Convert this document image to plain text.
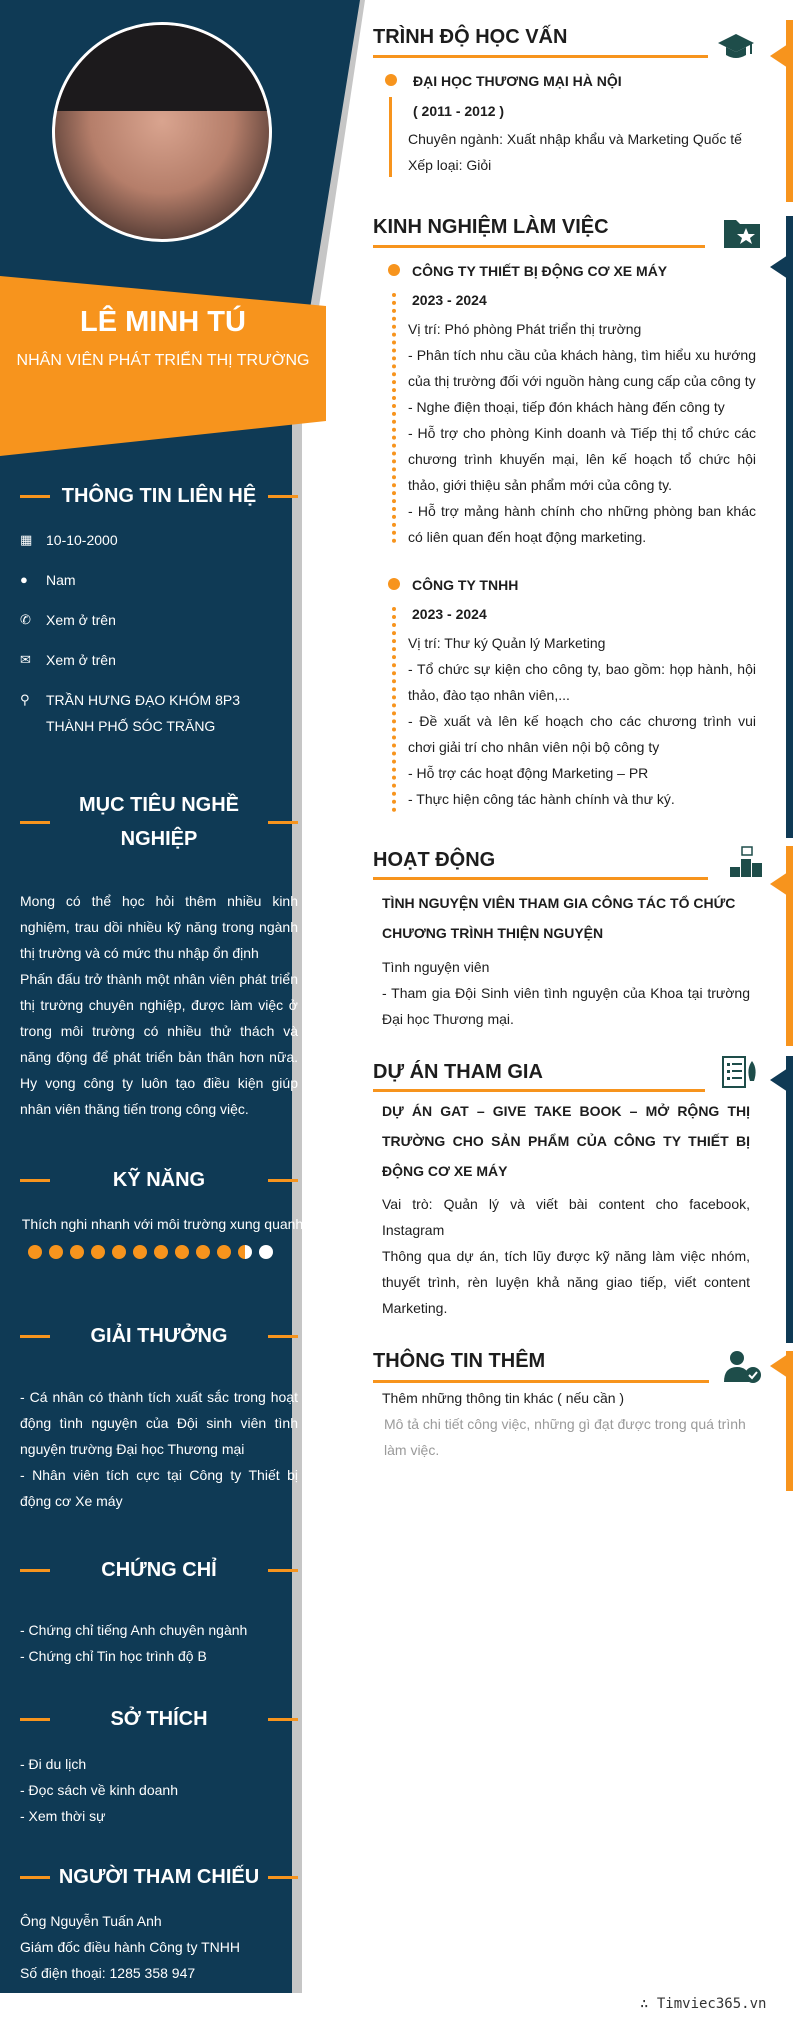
LÊ MINH TÚ
NHÂN VIÊN PHÁT TRIỂN THỊ TRƯỜNG
THÔNG TIN LIÊN HỆ
▦ 10-10-2000
●	Nam
✆	Xem ở trên
✉	Xem ở trên
⚲	TRẦN HƯNG ĐẠO KHÓM 8P3 THÀNH PHỐ SÓC TRĂNG
MỤC TIÊU NGHỀ NGHIỆP
Mong có thể học hỏi thêm nhiều kinh nghiệm, trau dồi nhiều kỹ năng trong ngành thị trường và có mức thu nhập ổn định
Phấn đấu trở thành một nhân viên phát triển thị trường chuyên nghiệp, được làm việc ở trong môi trường có nhiều thử thách và năng động để phát triển bản thân hơn nữa. Hy vọng công ty luôn tạo điều kiện giúp nhân viên thăng tiến trong công việc.
KỸ NĂNG
Thích nghi nhanh với môi trường xung quanh
GIẢI THƯỞNG
- Cá nhân có thành tích xuất sắc trong hoạt động tình nguyện của Đội sinh viên tình nguyện trường Đại học Thương mại
- Nhân viên tích cực tại Công ty Thiết bị động cơ Xe máy
CHỨNG CHỈ
- Chứng chỉ tiếng Anh chuyên ngành
- Chứng chỉ Tin học trình độ B
SỞ THÍCH
- Đi du lịch
- Đọc sách về kinh doanh
- Xem thời sự
NGƯỜI THAM CHIẾU
Ông Nguyễn Tuấn Anh
Giám đốc điều hành Công ty TNHH
Số điện thoại: 1285 358 947
TRÌNH ĐỘ HỌC VẤN
ĐẠI HỌC THƯƠNG MẠI HÀ NỘI
( 2011 - 2012 )
Chuyên ngành: Xuất nhập khẩu và Marketing Quốc tế
Xếp loại: Giỏi
KINH NGHIỆM LÀM VIỆC
CÔNG TY THIẾT BỊ ĐỘNG CƠ XE MÁY
2023 - 2024
Vị trí: Phó phòng Phát triển thị trường
- Phân tích nhu cầu của khách hàng, tìm hiểu xu hướng của thị trường đối với nguồn hàng cung cấp của công ty
- Nghe điện thoại, tiếp đón khách hàng đến công ty
- Hỗ trợ cho phòng Kinh doanh và Tiếp thị tổ chức các chương trình khuyến mại, lên kế hoạch tổ chức hội thảo, giới thiệu sản phẩm mới của công ty.
- Hỗ trợ mảng hành chính cho những phòng ban khác có liên quan đến hoạt động marketing.
CÔNG TY TNHH
2023 - 2024
Vị trí: Thư ký Quản lý Marketing
- Tổ chức sự kiện cho công ty, bao gồm: họp hành, hội thảo, đào tạo nhân viên,...
- Đề xuất và lên kế hoạch cho các chương trình vui chơi giải trí cho nhân viên nội bộ công ty
- Hỗ trợ các hoạt động Marketing – PR
- Thực hiện công tác hành chính và thư ký.
HOẠT ĐỘNG
TÌNH NGUYỆN VIÊN THAM GIA CÔNG TÁC TỔ CHỨC CHƯƠNG TRÌNH THIỆN NGUYỆN
Tình nguyện viên
- Tham gia Đội Sinh viên tình nguyện của Khoa tại trường Đại học Thương mại.
DỰ ÁN THAM GIA
DỰ ÁN GAT – GIVE TAKE BOOK – MỞ RỘNG THỊ TRƯỜNG CHO SẢN PHẨM CỦA CÔNG TY THIẾT BỊ ĐỘNG CƠ XE MÁY
Vai trò: Quản lý và viết bài content cho facebook, Instagram
Thông qua dự án, tích lũy được kỹ năng làm việc nhóm, thuyết trình, rèn luyện khả năng giao tiếp, viết content Marketing.
THÔNG TIN THÊM
Thêm những thông tin khác ( nếu cần )
Mô tả chi tiết công việc, những gì đạt được trong quá trình làm việc.
∴ Timviec365.vn
